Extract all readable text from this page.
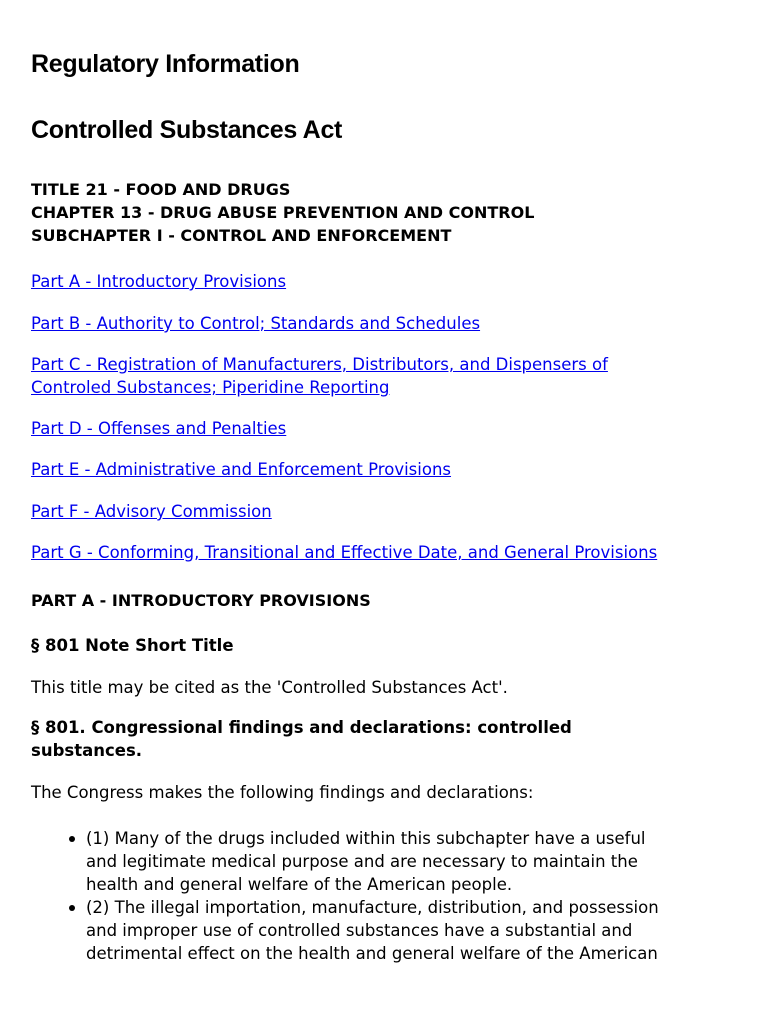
Regulatory Information
Controlled Substances Act
TITLE 21 - FOOD AND DRUGS
CHAPTER 13 - DRUG ABUSE PREVENTION AND CONTROL
SUBCHAPTER I - CONTROL AND ENFORCEMENT
Part A - Introductory Provisions
Part B - Authority to Control; Standards and Schedules
Part C - Registration of Manufacturers, Distributors, and Dispensers of
Controled Substances; Piperidine Reporting
Part D - Offenses and Penalties
Part E - Administrative and Enforcement Provisions
Part F - Advisory Commission
Part G - Conforming, Transitional and Effective Date, and General Provisions
PART A - INTRODUCTORY PROVISIONS
§ 801 Note Short Title
This title may be cited as the 'Controlled Substances Act'.
§ 801. Congressional findings and declarations: controlled
substances.
The Congress makes the following findings and declarations:
(1) Many of the drugs included within this subchapter have a useful
and legitimate medical purpose and are necessary to maintain the
health and general welfare of the American people.
(2) The illegal importation, manufacture, distribution, and possession
and improper use of controlled substances have a substantial and
detrimental effect on the health and general welfare of the American
